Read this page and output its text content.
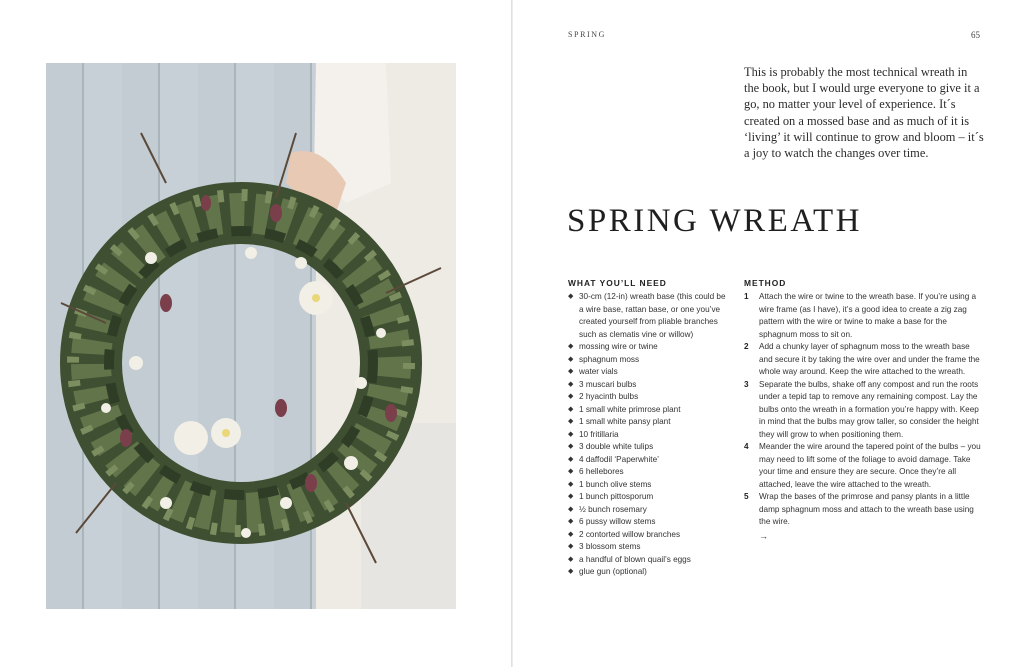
SPRING	65

This is probably the most technical wreath in the book, but I would urge everyone to give it a go, no matter your level of experience. It´s created on a mossed base and as much of it is ‘living’ it will continue to grow and bloom – it´s a joy to watch the changes over time.

SPRING WREATH
WHAT YOU’LL NEED
◆ 30-cm (12-in) wreath base (this could be a wire base, rattan base, or one you’ve created yourself from pliable branches such as clematis vine or willow)
◆ mossing wire or twine
◆ sphagnum moss
◆ water vials
◆ 3 muscari bulbs
◆ 2 hyacinth bulbs
◆ 1 small white primrose plant
◆ 1 small white pansy plant
◆ 10 fritillaria
◆ 3 double white tulips
◆ 4 daffodil ‘Paperwhite’
◆ 6 hellebores
◆ 1 bunch olive stems
◆ 1 bunch pittosporum
◆ ½ bunch rosemary
◆ 6 pussy willow stems
◆ 2 contorted willow branches
◆ 3 blossom stems
◆ a handful of blown quail’s eggs
◆ glue gun (optional)
METHOD
1 Attach the wire or twine to the wreath base. If you’re using a wire frame (as I have), it’s a good idea to create a zig zag pattern with the wire or twine to make a base for the sphagnum moss to sit on.
2 Add a chunky layer of sphagnum moss to the wreath base and secure it by taking the wire over and under the frame the whole way around. Keep the wire attached to the wreath.
3 Separate the bulbs, shake off any compost and run the roots under a tepid tap to remove any remaining compost. Lay the bulbs onto the wreath in a formation you’re happy with. Keep in mind that the bulbs may grow taller, so consider the height they will grow to when positioning them.
4 Meander the wire around the tapered point of the bulbs – you may need to lift some of the foliage to avoid damage. Take your time and ensure they are secure. Once they’re all attached, leave the wire attached to the wreath.
5 Wrap the bases of the primrose and pansy plants in a little damp sphagnum moss and attach to the wreath base using the wire.
→
